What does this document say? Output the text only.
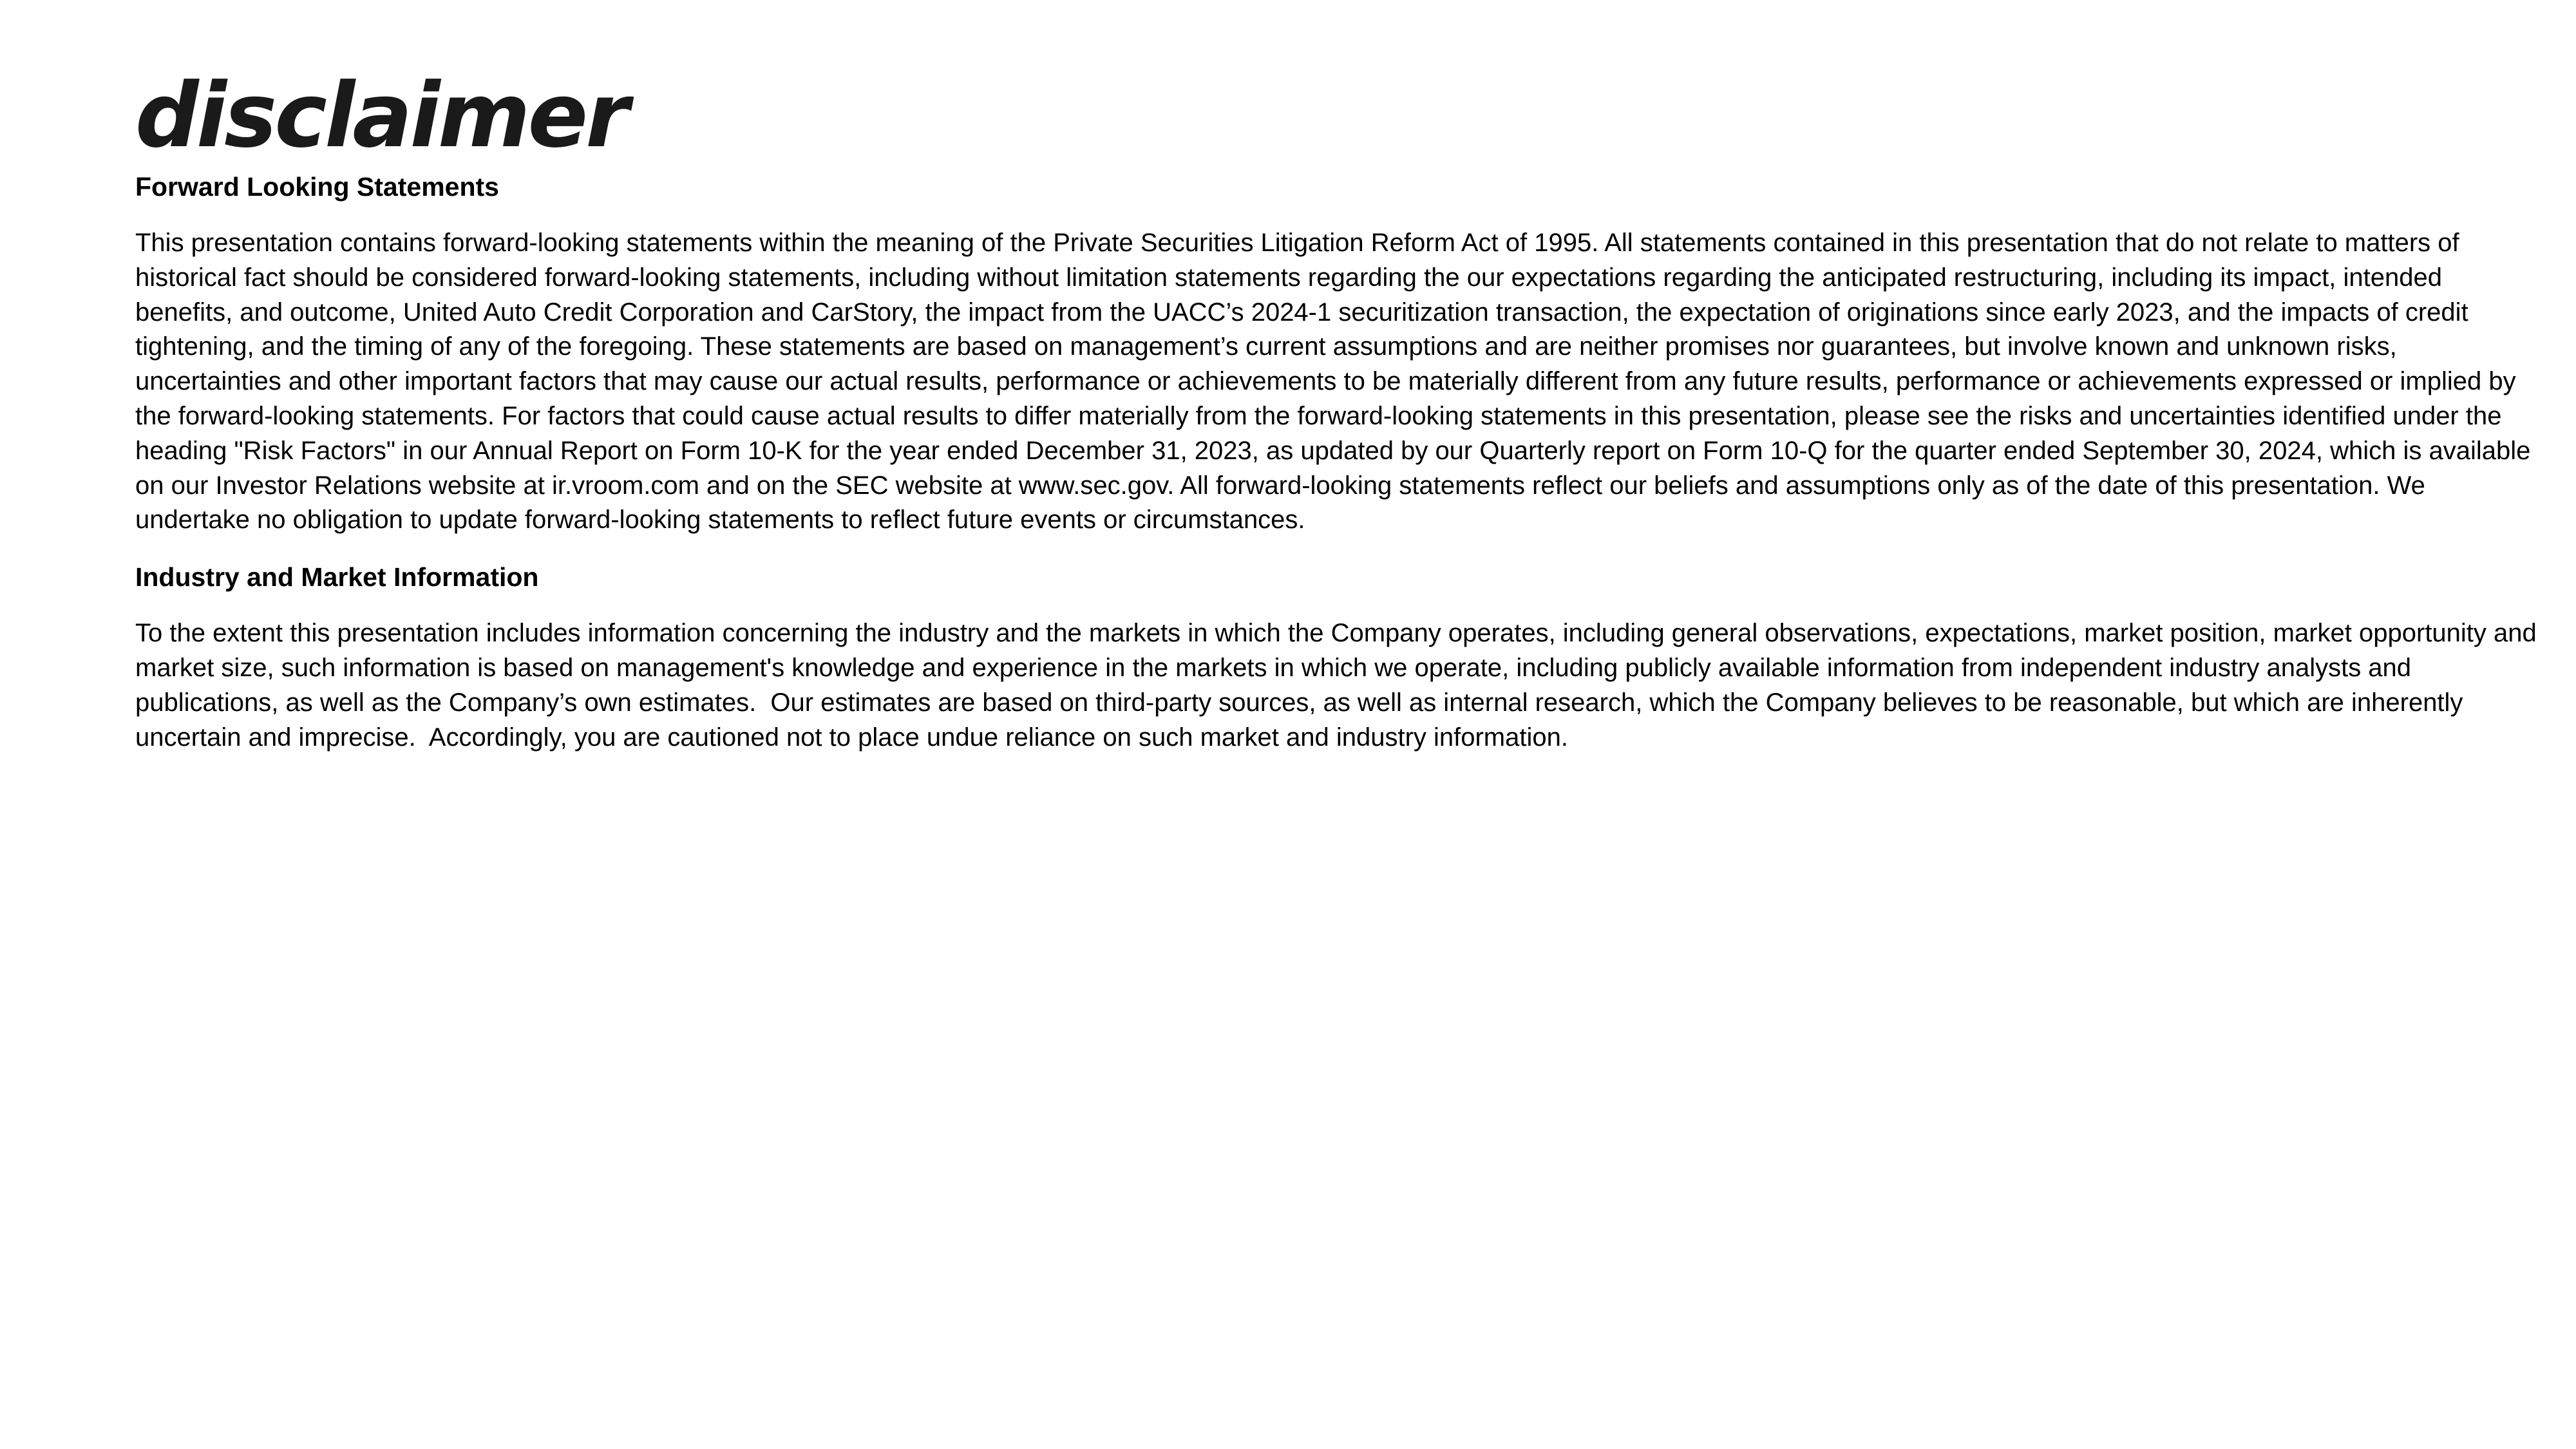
disclaimer
Forward Looking Statements

This presentation contains forward-looking statements within the meaning of the Private Securities Litigation Reform Act of 1995. All statements contained in this presentation that do not relate to matters of historical fact should be considered forward-looking statements, including without limitation statements regarding the our expectations regarding the anticipated restructuring, including its impact, intended benefits, and outcome, United Auto Credit Corporation and CarStory, the impact from the UACC’s 2024-1 securitization transaction, the expectation of originations since early 2023, and the impacts of credit tightening, and the timing of any of the foregoing. These statements are based on management’s current assumptions and are neither promises nor guarantees, but involve known and unknown risks, uncertainties and other important factors that may cause our actual results, performance or achievements to be materially different from any future results, performance or achievements expressed or implied by the forward-looking statements. For factors that could cause actual results to differ materially from the forward-looking statements in this presentation, please see the risks and uncertainties identified under the heading "Risk Factors" in our Annual Report on Form 10-K for the year ended December 31, 2023, as updated by our Quarterly report on Form 10-Q for the quarter ended September 30, 2024, which is available on our Investor Relations website at ir.vroom.com and on the SEC website at www.sec.gov. All forward-looking statements reflect our beliefs and assumptions only as of the date of this presentation. We undertake no obligation to update forward-looking statements to reflect future events or circumstances.

Industry and Market Information

To the extent this presentation includes information concerning the industry and the markets in which the Company operates, including general observations, expectations, market position, market opportunity and market size, such information is based on management's knowledge and experience in the markets in which we operate, including publicly available information from independent industry analysts and publications, as well as the Company’s own estimates.  Our estimates are based on third-party sources, as well as internal research, which the Company believes to be reasonable, but which are inherently uncertain and imprecise.  Accordingly, you are cautioned not to place undue reliance on such market and industry information.
